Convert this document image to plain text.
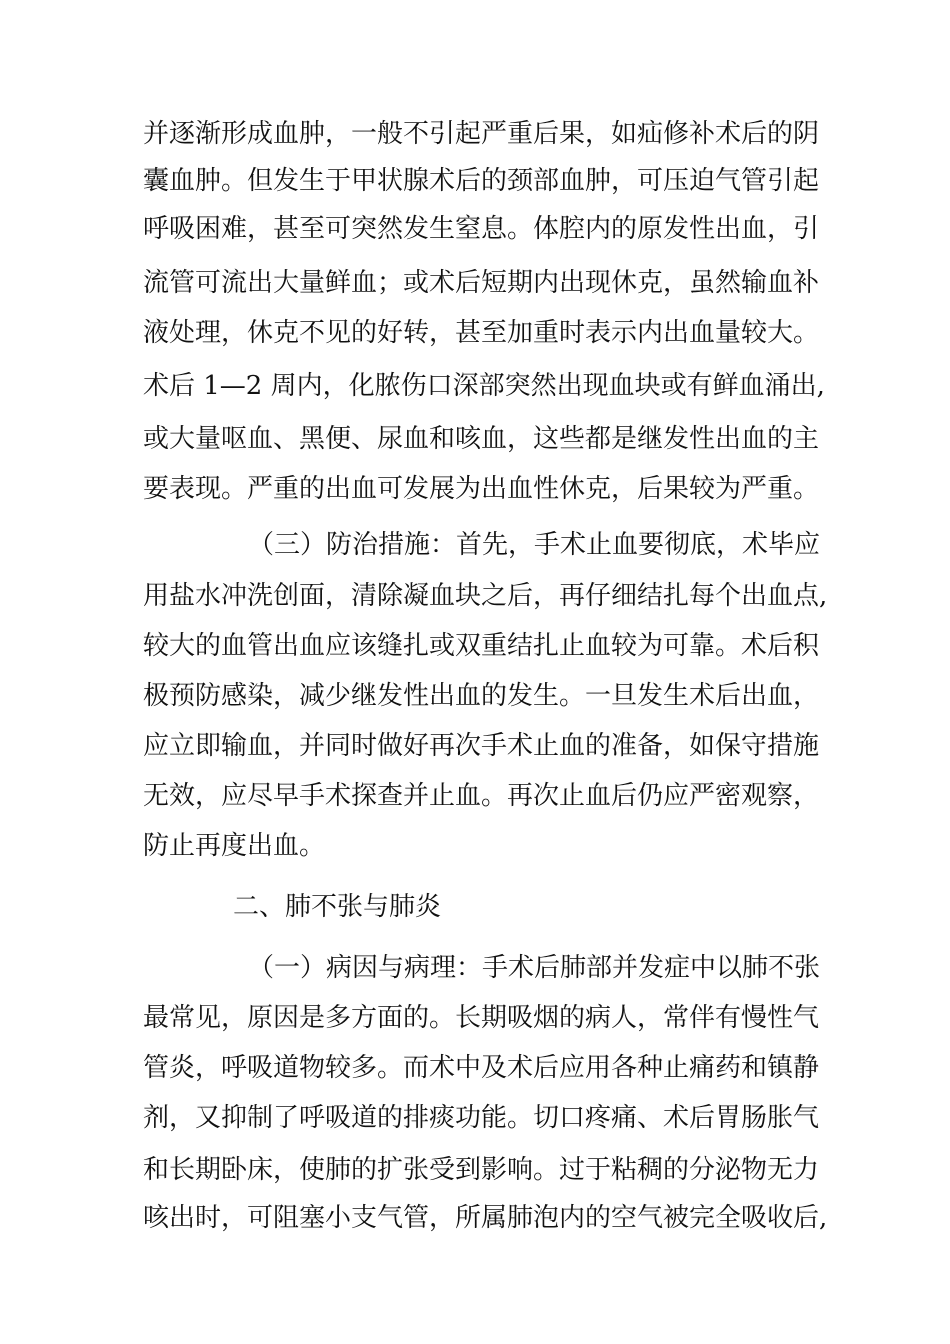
并逐渐形成血肿，一般不引起严重后果，如疝修补术后的阴
囊血肿。但发生于甲状腺术后的颈部血肿，可压迫气管引起
呼吸困难，甚至可突然发生窒息。体腔内的原发性出血，引
流管可流出大量鲜血；或术后短期内出现休克，虽然输血补
液处理，休克不见的好转，甚至加重时表示内出血量较大。
术后 1—2 周内，化脓伤口深部突然出现血块或有鲜血涌出,
或大量呕血、黑便、尿血和咳血，这些都是继发性出血的主
要表现。严重的出血可发展为出血性休克，后果较为严重。
（三）防治措施：首先，手术止血要彻底，术毕应
用盐水冲洗创面，清除凝血块之后，再仔细结扎每个出血点,
较大的血管出血应该缝扎或双重结扎止血较为可靠。术后积
极预防感染，减少继发性出血的发生。一旦发生术后出血，
应立即输血，并同时做好再次手术止血的准备，如保守措施
无效，应尽早手术探查并止血。再次止血后仍应严密观察，
防止再度出血。
二、肺不张与肺炎
（一）病因与病理：手术后肺部并发症中以肺不张
最常见，原因是多方面的。长期吸烟的病人，常伴有慢性气
管炎，呼吸道物较多。而术中及术后应用各种止痛药和镇静
剂，又抑制了呼吸道的排痰功能。切口疼痛、术后胃肠胀气
和长期卧床，使肺的扩张受到影响。过于粘稠的分泌物无力
咳出时，可阻塞小支气管，所属肺泡内的空气被完全吸收后,
